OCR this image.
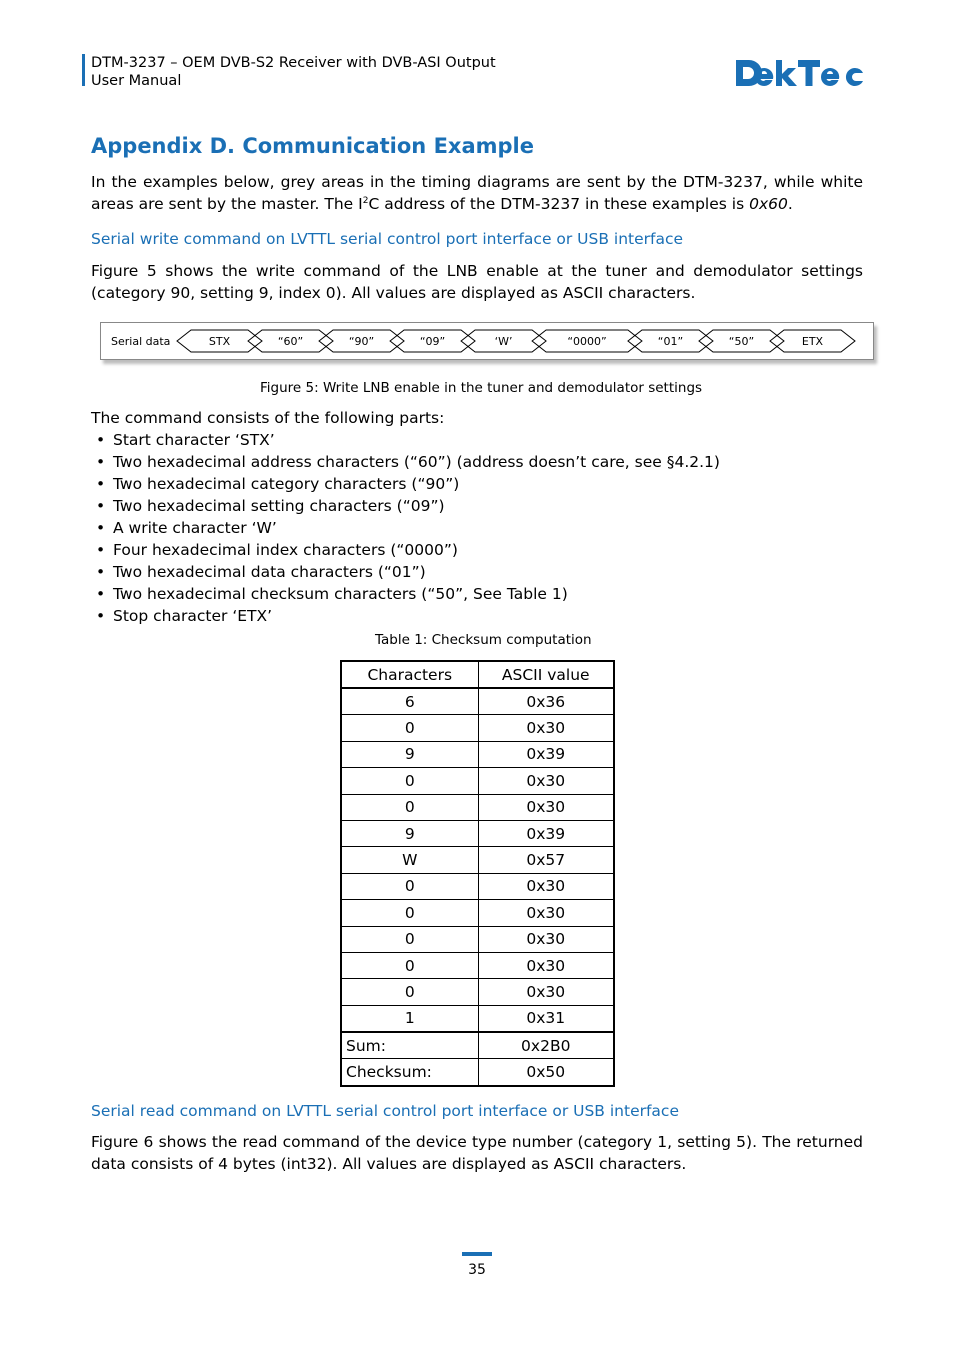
DTM-3237 – OEM DVB-S2 Receiver with DVB-ASI Output
User Manual
Appendix D. Communication Example

In the examples below, grey areas in the timing diagrams are sent by the DTM-3237, while white areas are sent by the master. The $I^2C$ address of the DTM-3237 in these examples is 0x60.

Serial write command on LVTTL serial control port interface or USB interface

Figure 5 shows the write command of the LNB enable at the tuner and demodulator settings (category 90, setting 9, index 0). All values are displayed as ASCII characters.

Serial data	STX	“60”	“90”	“09”	‘W’	“0000”	“01”	“50”	ETX
Figure 5: Write LNB enable in the tuner and demodulator settings

The command consists of the following parts:

• Start character ‘STX’
• Two hexadecimal address characters (“60”) (address doesn’t care, see §4.2.1)
• Two hexadecimal category characters (“90”)
• Two hexadecimal setting characters (“09”)
• A write character ‘W’
• Four hexadecimal index characters (“0000”)
• Two hexadecimal data characters (“01”)
• Two hexadecimal checksum characters (“50”, See Table 1)
• Stop character ‘ETX’
Table 1: Checksum computation
Characters	ASCII value
6	0x36
0	0x30
9	0x39
0	0x30
0	0x30
9	0x39
W	0x57
0	0x30
0	0x30
0	0x30
0	0x30
0	0x30
1	0x31
Sum:	0x2B0
Checksum:	0x50
Serial read command on LVTTL serial control port interface or USB interface

Figure 6 shows the read command of the device type number (category 1, setting 5). The returned data consists of 4 bytes (int32). All values are displayed as ASCII characters.

35
